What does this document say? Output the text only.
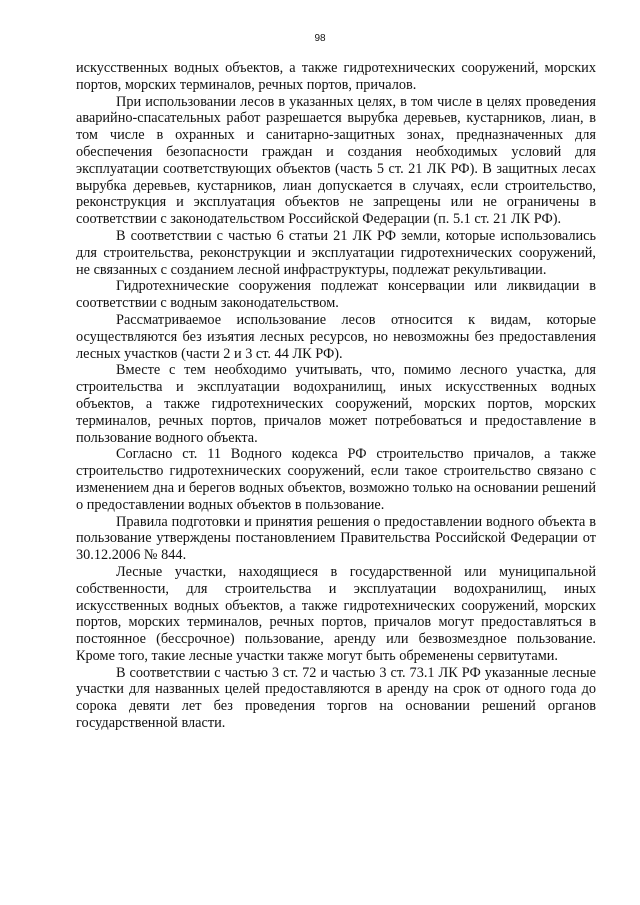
98

искусственных водных объектов, а также гидротехнических сооружений, морских портов, морских терминалов, речных портов, причалов.

При использовании лесов в указанных целях, в том числе в целях проведения аварийно-спасательных работ разрешается вырубка деревьев, кустарников, лиан, в том числе в охранных и санитарно-защитных зонах, предназначенных для обеспечения безопасности граждан и создания необходимых условий для эксплуатации соответствующих объектов (часть 5 ст. 21 ЛК РФ). В защитных лесах вырубка деревьев, кустарников, лиан допускается в случаях, если строительство, реконструкция и эксплуатация объектов не запрещены или не ограничены в соответствии с законодательством Российской Федерации (п. 5.1 ст. 21 ЛК РФ).

В соответствии с частью 6 статьи 21 ЛК РФ земли, которые использовались для строительства, реконструкции и эксплуатации гидротехнических сооружений, не связанных с созданием лесной инфраструктуры, подлежат рекультивации.

Гидротехнические сооружения подлежат консервации или ликвидации в соответствии с водным законодательством.

Рассматриваемое использование лесов относится к видам, которые осуществляются без изъятия лесных ресурсов, но невозможны без предоставления лесных участков (части 2 и 3 ст. 44 ЛК РФ).

Вместе с тем необходимо учитывать, что, помимо лесного участка, для строительства и эксплуатации водохранилищ, иных искусственных водных объектов, а также гидротехнических сооружений, морских портов, морских терминалов, речных портов, причалов может потребоваться и предоставление в пользование водного объекта.

Согласно ст. 11 Водного кодекса РФ строительство причалов, а также строительство гидротехнических сооружений, если такое строительство связано с изменением дна и берегов водных объектов, возможно только на основании решений о предоставлении водных объектов в пользование.

Правила подготовки и принятия решения о предоставлении водного объекта в пользование утверждены постановлением Правительства Российской Федерации от 30.12.2006 № 844.

Лесные участки, находящиеся в государственной или муниципальной собственности, для строительства и эксплуатации водохранилищ, иных искусственных водных объектов, а также гидротехнических сооружений, морских портов, морских терминалов, речных портов, причалов могут предоставляться в постоянное (бессрочное) пользование, аренду или безвозмездное пользование. Кроме того, такие лесные участки также могут быть обременены сервитутами.

В соответствии с частью 3 ст. 72 и частью 3 ст. 73.1 ЛК РФ указанные лесные участки для названных целей предоставляются в аренду на срок от одного года до сорока девяти лет без проведения торгов на основании решений органов государственной власти.
